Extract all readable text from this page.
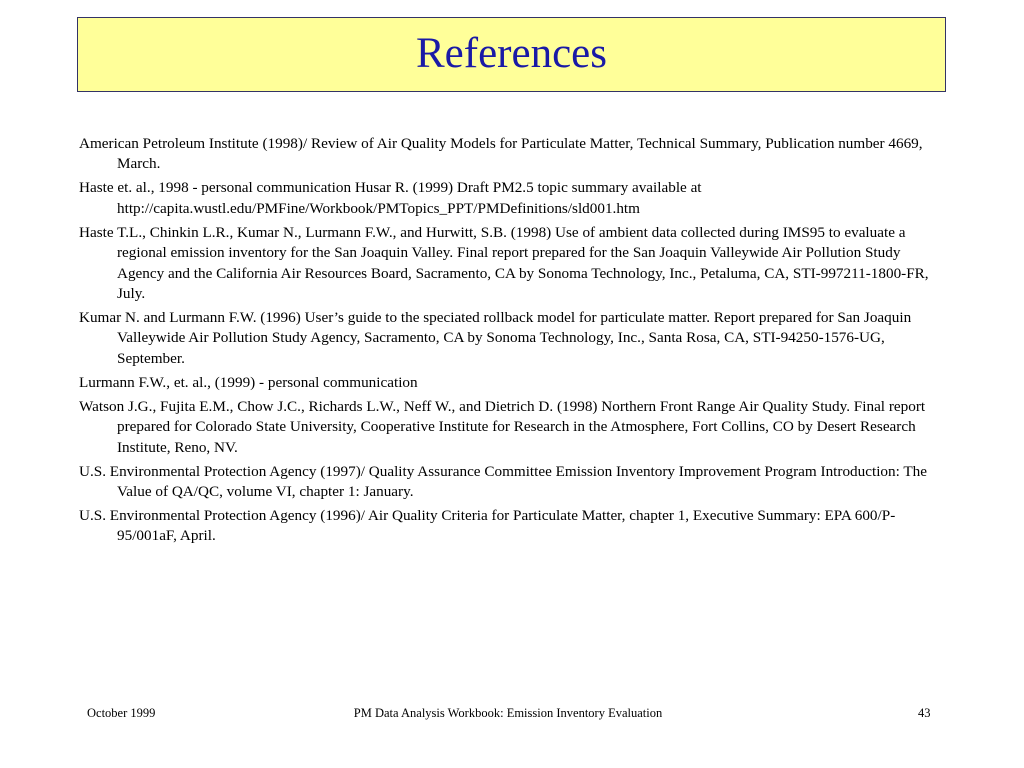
References
American Petroleum Institute (1998)/ Review of Air Quality Models for Particulate Matter, Technical Summary, Publication number 4669, March.
Haste et. al., 1998 - personal communication Husar R. (1999) Draft PM2.5 topic summary available at http://capita.wustl.edu/PMFine/Workbook/PMTopics_PPT/PMDefinitions/sld001.htm
Haste T.L., Chinkin L.R., Kumar N., Lurmann F.W., and Hurwitt, S.B. (1998) Use of ambient data collected during IMS95 to evaluate a regional emission inventory for the San Joaquin Valley. Final report prepared for the San Joaquin Valleywide Air Pollution Study Agency and the California Air Resources Board, Sacramento, CA by Sonoma Technology, Inc., Petaluma, CA, STI-997211-1800-FR, July.
Kumar N. and Lurmann F.W. (1996) User’s guide to the speciated rollback model for particulate matter. Report prepared for San Joaquin Valleywide Air Pollution Study Agency, Sacramento, CA by Sonoma Technology, Inc., Santa Rosa, CA, STI-94250-1576-UG, September.
Lurmann F.W., et. al., (1999) - personal communication
Watson J.G., Fujita E.M., Chow J.C., Richards L.W., Neff W., and Dietrich D. (1998) Northern Front Range Air Quality Study. Final report prepared for Colorado State University, Cooperative Institute for Research in the Atmosphere, Fort Collins, CO by Desert Research Institute, Reno, NV.
U.S. Environmental Protection Agency (1997)/ Quality Assurance Committee Emission Inventory Improvement Program Introduction: The Value of QA/QC, volume VI, chapter 1: January.
U.S. Environmental Protection Agency (1996)/ Air Quality Criteria for Particulate Matter, chapter 1, Executive Summary: EPA 600/P-95/001aF, April.
October 1999	PM Data Analysis Workbook: Emission Inventory Evaluation	43
